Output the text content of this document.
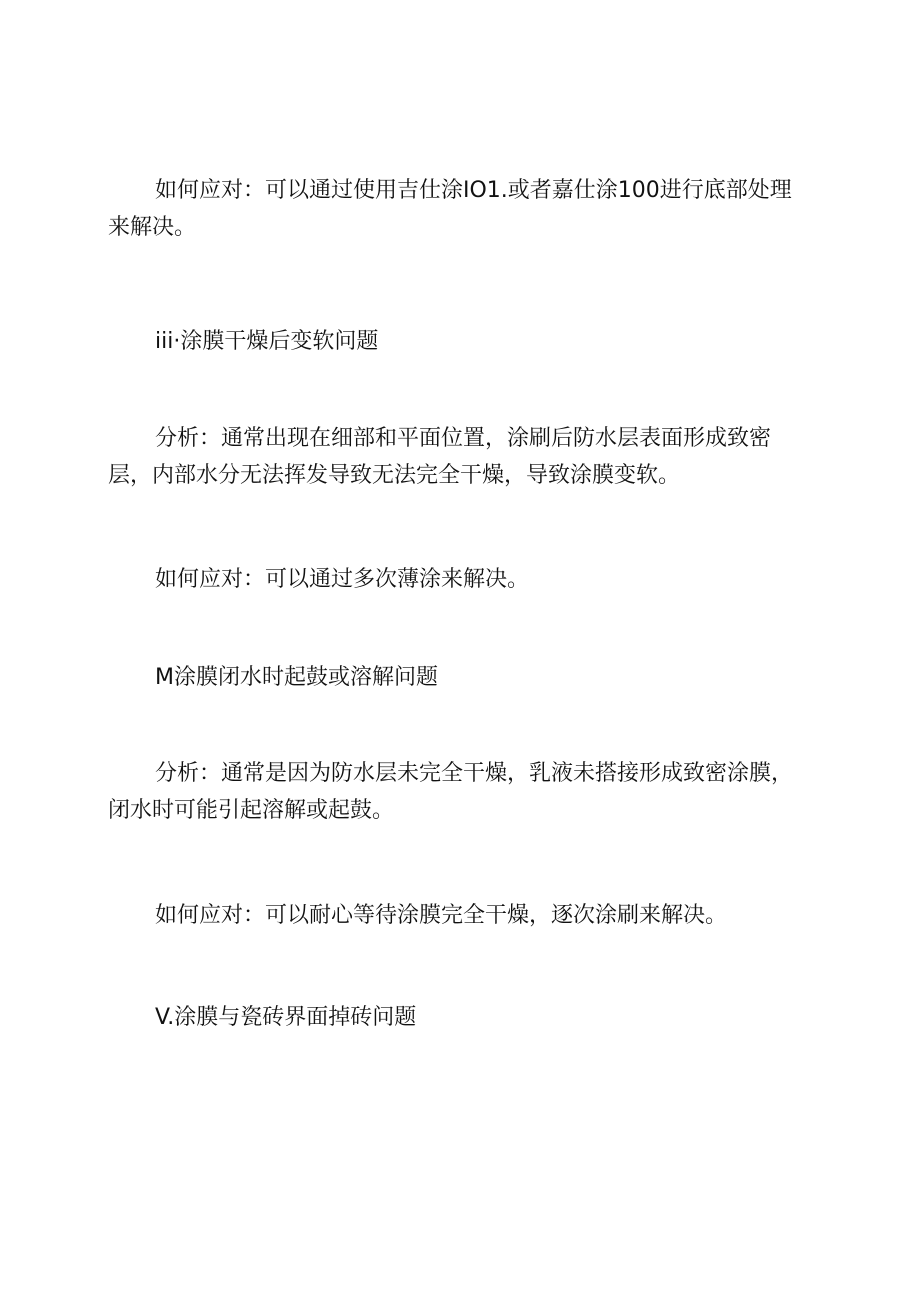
如何应对：可以通过使用吉仕涂IO1.或者嘉仕涂100进行底部处理来解决。

iii·涂膜干燥后变软问题

分析：通常出现在细部和平面位置，涂刷后防水层表面形成致密层，内部水分无法挥发导致无法完全干燥，导致涂膜变软。

如何应对：可以通过多次薄涂来解决。

M涂膜闭水时起鼓或溶解问题

分析：通常是因为防水层未完全干燥，乳液未搭接形成致密涂膜，闭水时可能引起溶解或起鼓。

如何应对：可以耐心等待涂膜完全干燥，逐次涂刷来解决。

V.涂膜与瓷砖界面掉砖问题
